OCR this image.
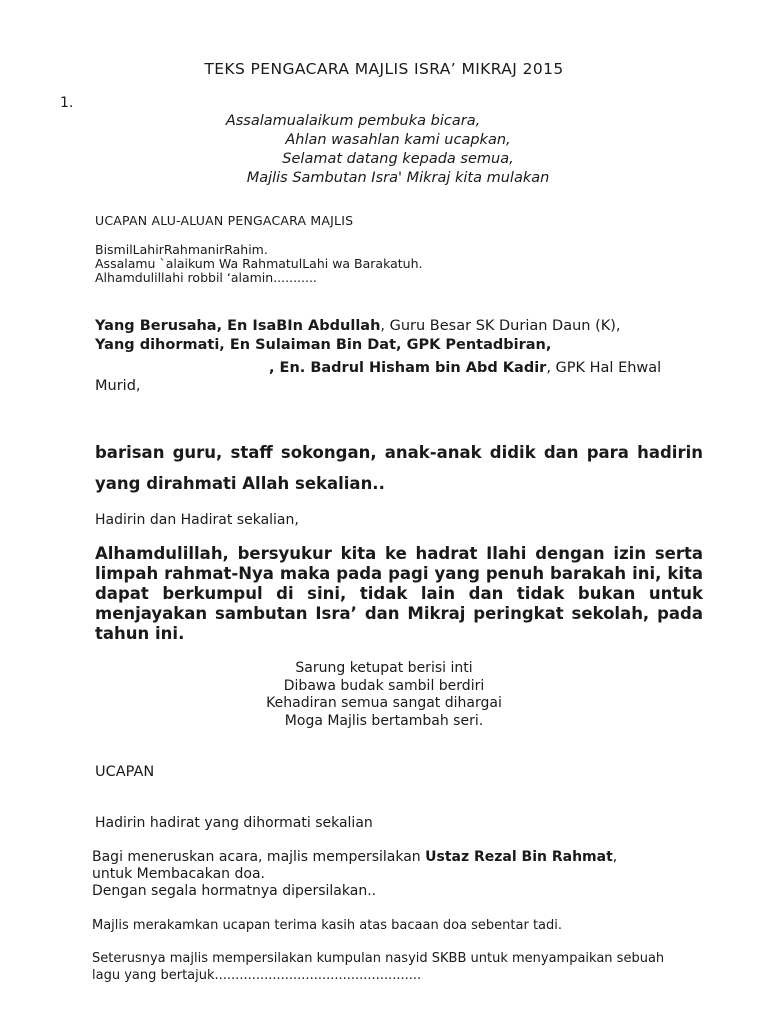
TEKS PENGACARA MAJLIS ISRA’ MIKRAJ 2015
1.
Assalamualaikum pembuka bicara,
Ahlan wasahlan kami ucapkan,
Selamat datang kepada semua,
Majlis Sambutan Isra' Mikraj kita mulakan
UCAPAN ALU-ALUAN PENGACARA MAJLIS
BismilLahirRahmanirRahim.
Assalamu `alaikum Wa RahmatulLahi wa Barakatuh.
Alhamdulillahi robbil ‘alamin...........
Yang Berusaha, En IsaBIn Abdullah, Guru Besar SK Durian Daun (K),
Yang dihormati, En Sulaiman Bin Dat, GPK Pentadbiran,
, En. Badrul Hisham bin Abd Kadir, GPK Hal Ehwal
Murid,

barisan guru, staff sokongan, anak-anak didik dan para hadirin yang dirahmati Allah sekalian..

Hadirin dan Hadirat sekalian,

Alhamdulillah, bersyukur kita ke hadrat Ilahi dengan izin serta limpah rahmat-Nya maka pada pagi yang penuh barakah ini, kita dapat berkumpul di sini, tidak lain dan tidak bukan untuk menjayakan sambutan Isra’ dan Mikraj peringkat sekolah, pada tahun ini.

Sarung ketupat berisi inti
Dibawa budak sambil berdiri
Kehadiran semua sangat dihargai
Moga Majlis bertambah seri.
UCAPAN
Hadirin hadirat yang dihormati sekalian
Bagi meneruskan acara, majlis mempersilakan Ustaz Rezal Bin Rahmat,
untuk Membacakan doa.
Dengan segala hormatnya dipersilakan..
Majlis merakamkan ucapan terima kasih atas bacaan doa sebentar tadi.
Seterusnya majlis mempersilakan kumpulan nasyid SKBB untuk menyampaikan sebuah
lagu yang bertajuk..................................................
